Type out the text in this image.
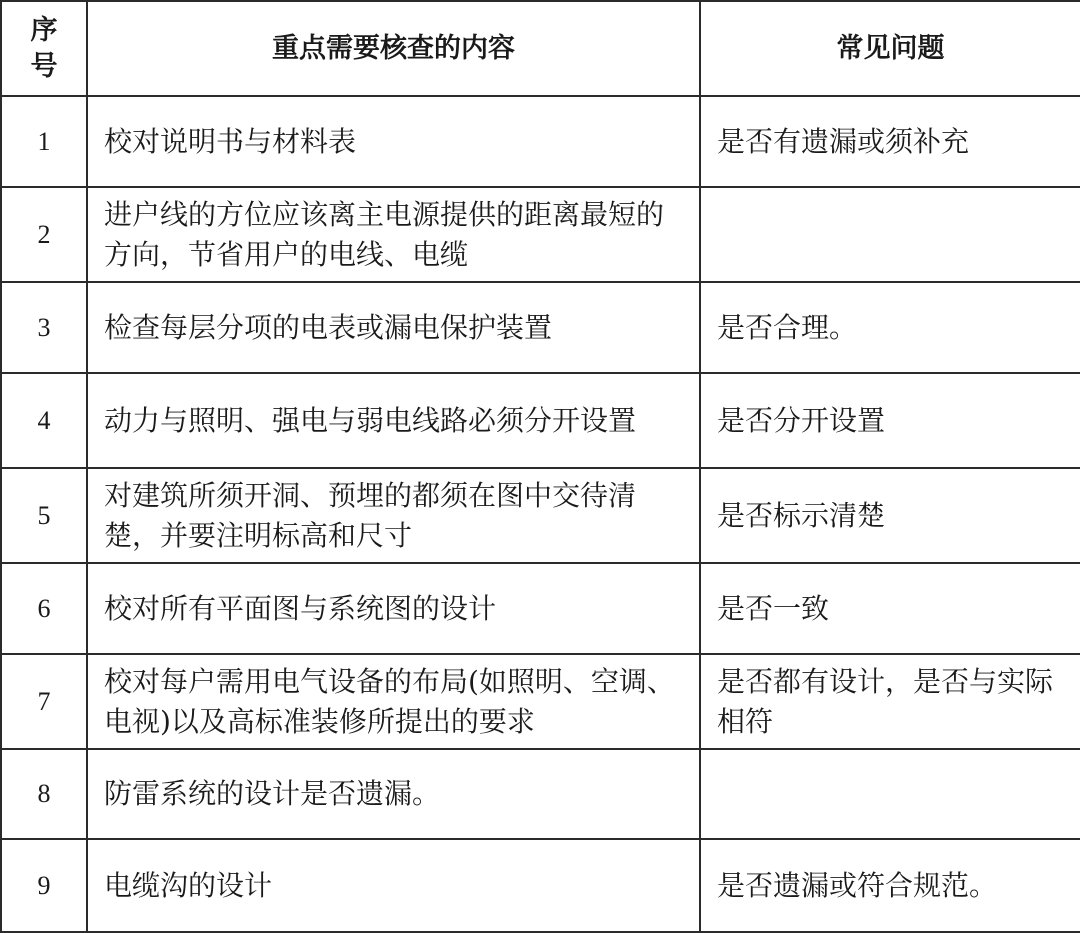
序
号	重点需要核查的内容	常见问题
1	校对说明书与材料表	是否有遗漏或须补充
2	进户线的方位应该离主电源提供的距离最短的方向，节省用户的电线、电缆	
3	检查每层分项的电表或漏电保护装置	是否合理。
4	动力与照明、强电与弱电线路必须分开设置	是否分开设置
5	对建筑所须开洞、预埋的都须在图中交待清楚，并要注明标高和尺寸	是否标示清楚
6	校对所有平面图与系统图的设计	是否一致
7	校对每户需用电气设备的布局(如照明、空调、电视)以及高标准装修所提出的要求	是否都有设计，是否与实际相符
8	防雷系统的设计是否遗漏。	
9	电缆沟的设计	是否遗漏或符合规范。
